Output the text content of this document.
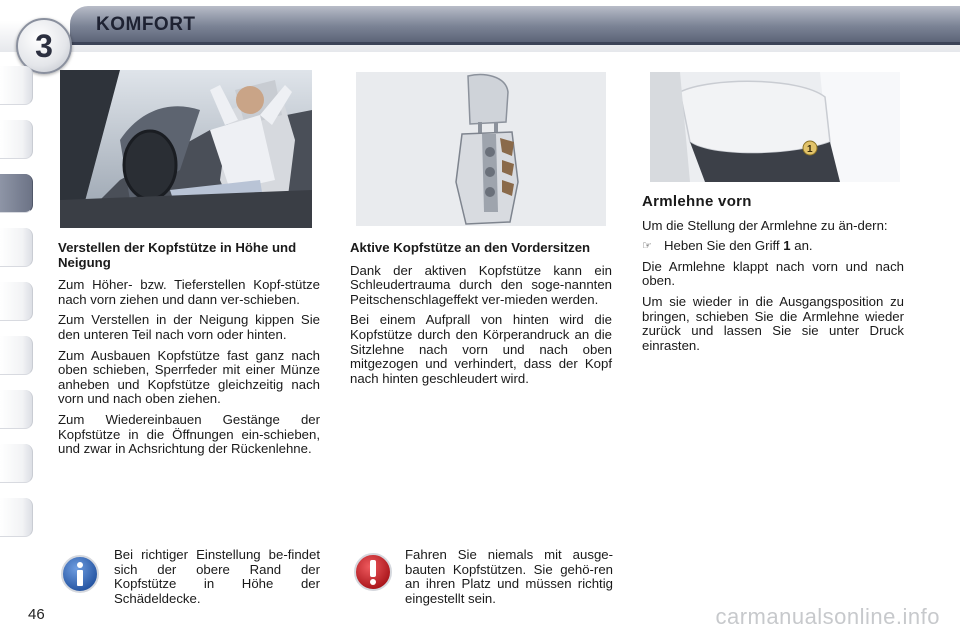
KOMFORT
3
1
Verstellen der Kopfstütze in Höhe und Neigung

Zum Höher- bzw. Tieferstellen Kopf-stütze nach vorn ziehen und dann ver-schieben.

Zum Verstellen in der Neigung kippen Sie den unteren Teil nach vorn oder hinten.

Zum Ausbauen Kopfstütze fast ganz nach oben schieben, Sperrfeder mit einer Münze anheben und Kopfstütze gleichzeitig nach vorn und nach oben ziehen.

Zum Wiedereinbauen Gestänge der Kopfstütze in die Öffnungen ein-schieben, und zwar in Achsrichtung der Rückenlehne.

Aktive Kopfstütze an den Vordersitzen

Dank der aktiven Kopfstütze kann ein Schleudertrauma durch den soge-nannten Peitschenschlageffekt ver-mieden werden.

Bei einem Aufprall von hinten wird die Kopfstütze durch den Körperandruck an die Sitzlehne nach vorn und nach oben mitgezogen und verhindert, dass der Kopf nach hinten geschleudert wird.

Armlehne vorn

Um die Stellung der Armlehne zu än-dern:

☞ Heben Sie den Griff 1 an.

Die Armlehne klappt nach vorn und nach oben.

Um sie wieder in die Ausgangsposition zu bringen, schieben Sie die Armlehne wieder zurück und lassen Sie sie unter Druck einrasten.

Bei richtiger Einstellung be-findet sich der obere Rand der Kopfstütze in Höhe der Schädeldecke.
Fahren Sie niemals mit ausge-bauten Kopfstützen. Sie gehö-ren an ihren Platz und müssen richtig eingestellt sein.
46	carmanualsonline.info
